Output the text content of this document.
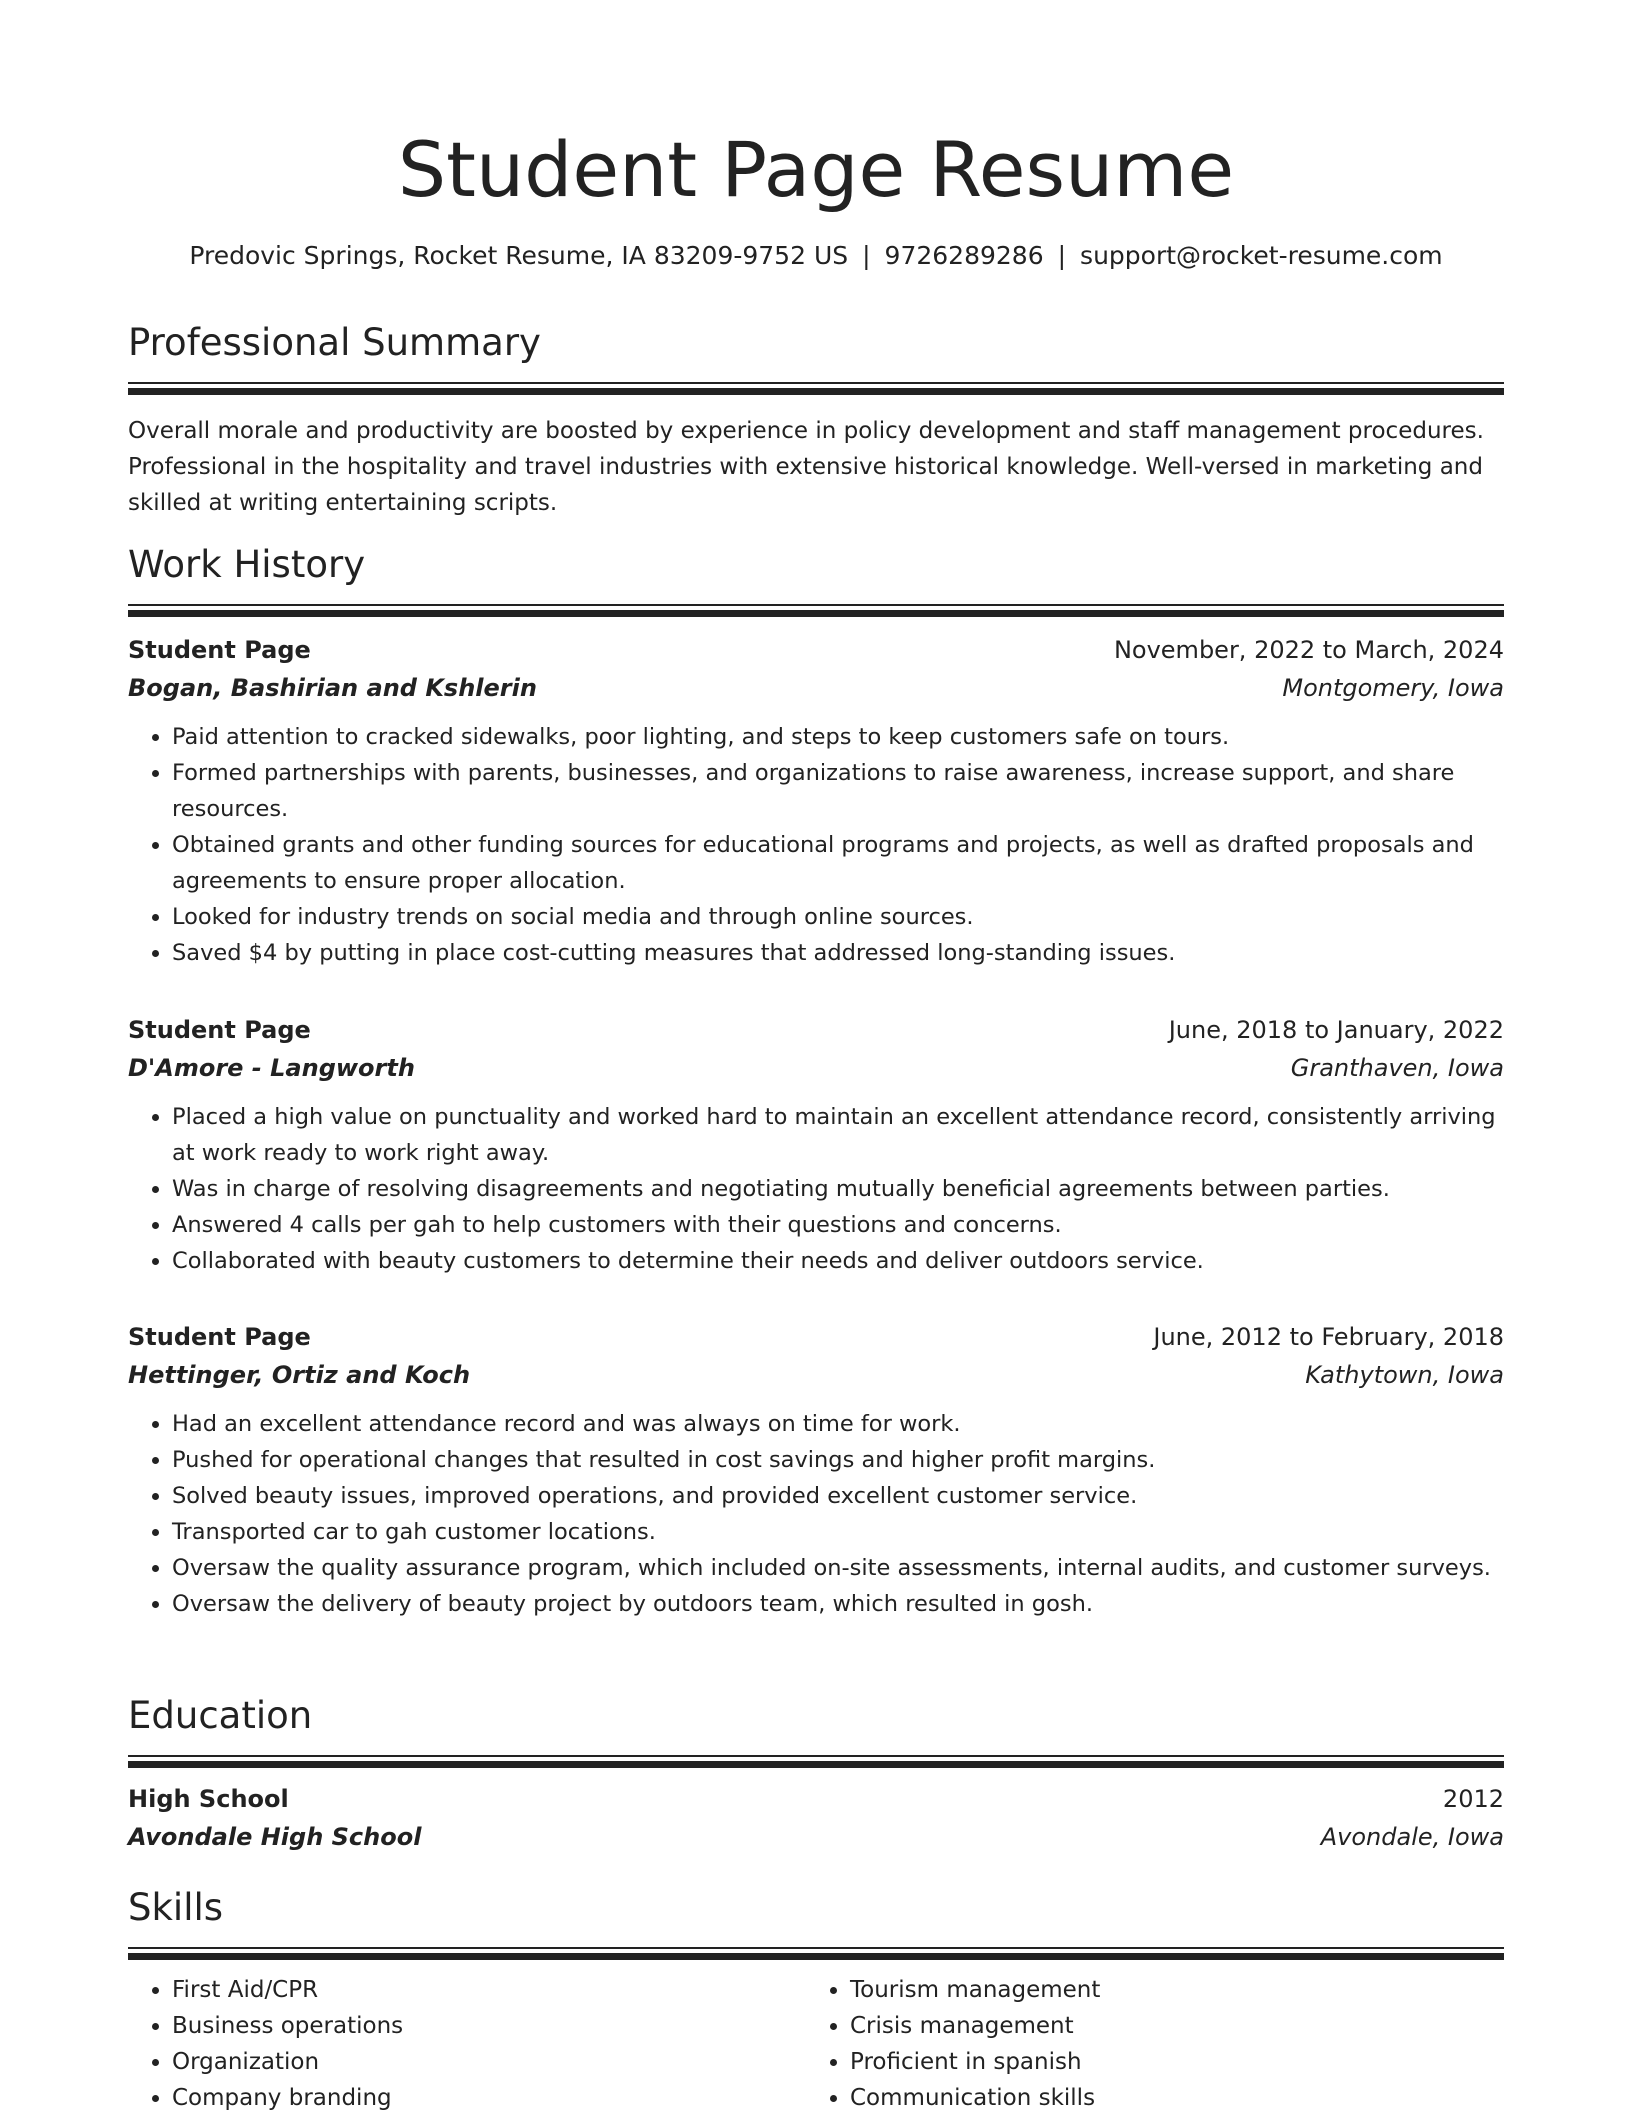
Student Page Resume
Predovic Springs, Rocket Resume, IA 83209-9752 US | 9726289286 | support@rocket-resume.com
Professional Summary

Overall morale and productivity are boosted by experience in policy development and staff management procedures. Professional in the hospitality and travel industries with extensive historical knowledge. Well-versed in marketing and skilled at writing entertaining scripts.

Work History
Student Page	November, 2022 to March, 2024
Bogan, Bashirian and Kshlerin	Montgomery, Iowa
• Paid attention to cracked sidewalks, poor lighting, and steps to keep customers safe on tours.
• Formed partnerships with parents, businesses, and organizations to raise awareness, increase support, and share resources.
• Obtained grants and other funding sources for educational programs and projects, as well as drafted proposals and agreements to ensure proper allocation.
• Looked for industry trends on social media and through online sources.
• Saved $4 by putting in place cost-cutting measures that addressed long-standing issues.
Student Page	June, 2018 to January, 2022
D'Amore - Langworth	Granthaven, Iowa
• Placed a high value on punctuality and worked hard to maintain an excellent attendance record, consistently arriving at work ready to work right away.
• Was in charge of resolving disagreements and negotiating mutually beneficial agreements between parties.
• Answered 4 calls per gah to help customers with their questions and concerns.
• Collaborated with beauty customers to determine their needs and deliver outdoors service.
Student Page	June, 2012 to February, 2018
Hettinger, Ortiz and Koch	Kathytown, Iowa
• Had an excellent attendance record and was always on time for work.
• Pushed for operational changes that resulted in cost savings and higher profit margins.
• Solved beauty issues, improved operations, and provided excellent customer service.
• Transported car to gah customer locations.
• Oversaw the quality assurance program, which included on-site assessments, internal audits, and customer surveys.
• Oversaw the delivery of beauty project by outdoors team, which resulted in gosh.
Education
High School	2012
Avondale High School	Avondale, Iowa
Skills
• First Aid/CPR
• Business operations
• Organization
• Company branding
• Tourism management
• Crisis management
• Proficient in spanish
• Communication skills
